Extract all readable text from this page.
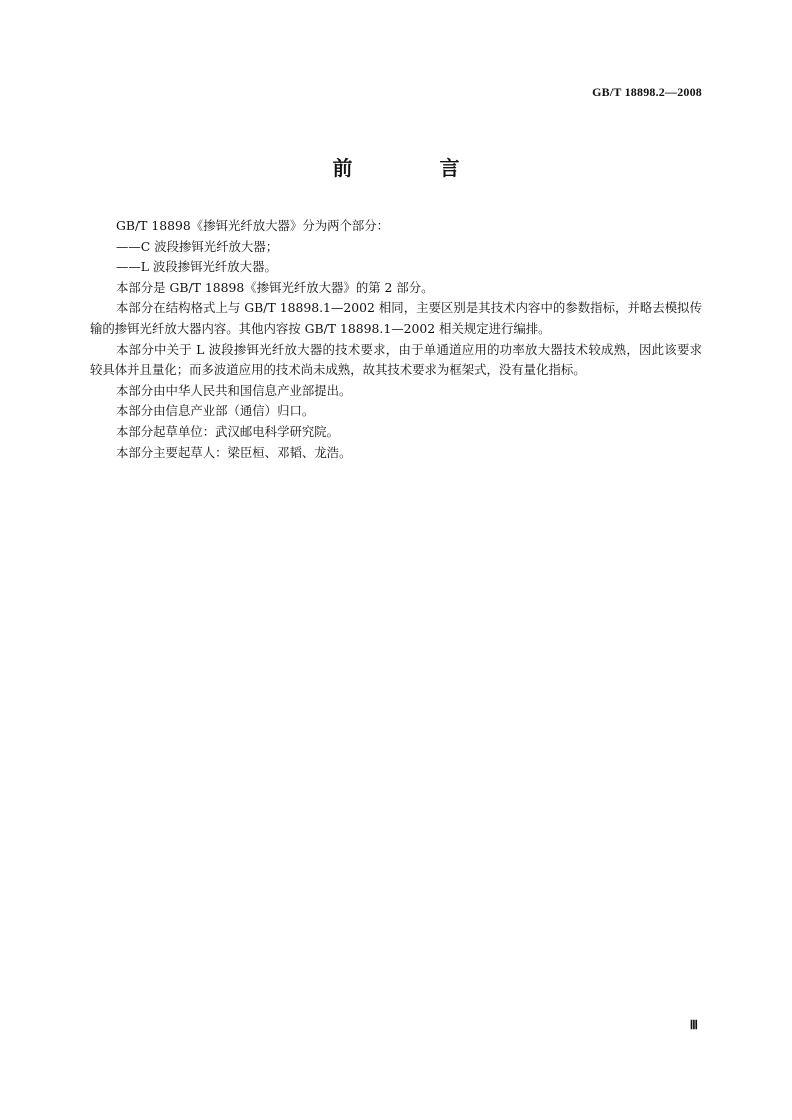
GB/T 18898.2—2008
前 言

GB/T 18898《掺铒光纤放大器》分为两个部分：

——C 波段掺铒光纤放大器；

——L 波段掺铒光纤放大器。

本部分是 GB/T 18898《掺铒光纤放大器》的第 2 部分。

本部分在结构格式上与 GB/T 18898.1—2002 相同，主要区别是其技术内容中的参数指标，并略去模拟传输的掺铒光纤放大器内容。其他内容按 GB/T 18898.1—2002 相关规定进行编排。

本部分中关于 L 波段掺铒光纤放大器的技术要求，由于单通道应用的功率放大器技术较成熟，因此该要求较具体并且量化；而多波道应用的技术尚未成熟，故其技术要求为框架式，没有量化指标。

本部分由中华人民共和国信息产业部提出。

本部分由信息产业部（通信）归口。

本部分起草单位：武汉邮电科学研究院。

本部分主要起草人：梁臣桓、邓韬、龙浩。

Ⅲ
